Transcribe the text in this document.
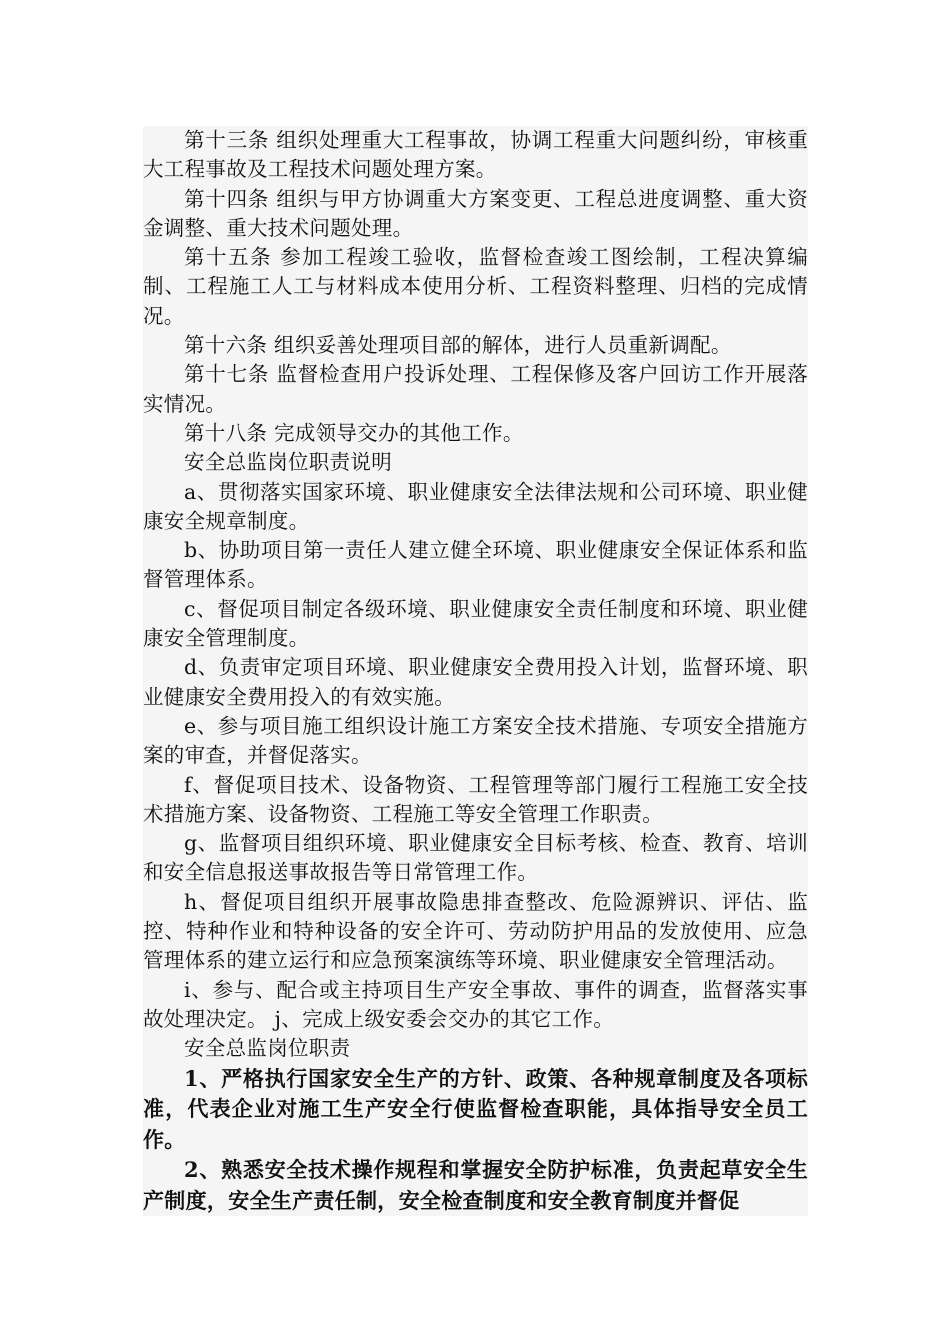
第十三条 组织处理重大工程事故，协调工程重大问题纠纷，审核重大工程事故及工程技术问题处理方案。

第十四条 组织与甲方协调重大方案变更、工程总进度调整、重大资金调整、重大技术问题处理。

第十五条 参加工程竣工验收，监督检查竣工图绘制，工程决算编制、工程施工人工与材料成本使用分析、工程资料整理、归档的完成情况。

第十六条 组织妥善处理项目部的解体，进行人员重新调配。

第十七条 监督检查用户投诉处理、工程保修及客户回访工作开展落实情况。

第十八条 完成领导交办的其他工作。

安全总监岗位职责说明

a、贯彻落实国家环境、职业健康安全法律法规和公司环境、职业健康安全规章制度。

b、协助项目第一责任人建立健全环境、职业健康安全保证体系和监督管理体系。

c、督促项目制定各级环境、职业健康安全责任制度和环境、职业健康安全管理制度。

d、负责审定项目环境、职业健康安全费用投入计划，监督环境、职业健康安全费用投入的有效实施。

e、参与项目施工组织设计施工方案安全技术措施、专项安全措施方案的审查，并督促落实。

f、督促项目技术、设备物资、工程管理等部门履行工程施工安全技术措施方案、设备物资、工程施工等安全管理工作职责。

g、监督项目组织环境、职业健康安全目标考核、检查、教育、培训和安全信息报送事故报告等日常管理工作。

h、督促项目组织开展事故隐患排查整改、危险源辨识、评估、监控、特种作业和特种设备的安全许可、劳动防护用品的发放使用、应急管理体系的建立运行和应急预案演练等环境、职业健康安全管理活动。

i、参与、配合或主持项目生产安全事故、事件的调查，监督落实事故处理决定。 j、完成上级安委会交办的其它工作。

安全总监岗位职责

1、严格执行国家安全生产的方针、政策、各种规章制度及各项标准，代表企业对施工生产安全行使监督检查职能，具体指导安全员工作。

2、熟悉安全技术操作规程和掌握安全防护标准，负责起草安全生产制度，安全生产责任制，安全检查制度和安全教育制度并督促
